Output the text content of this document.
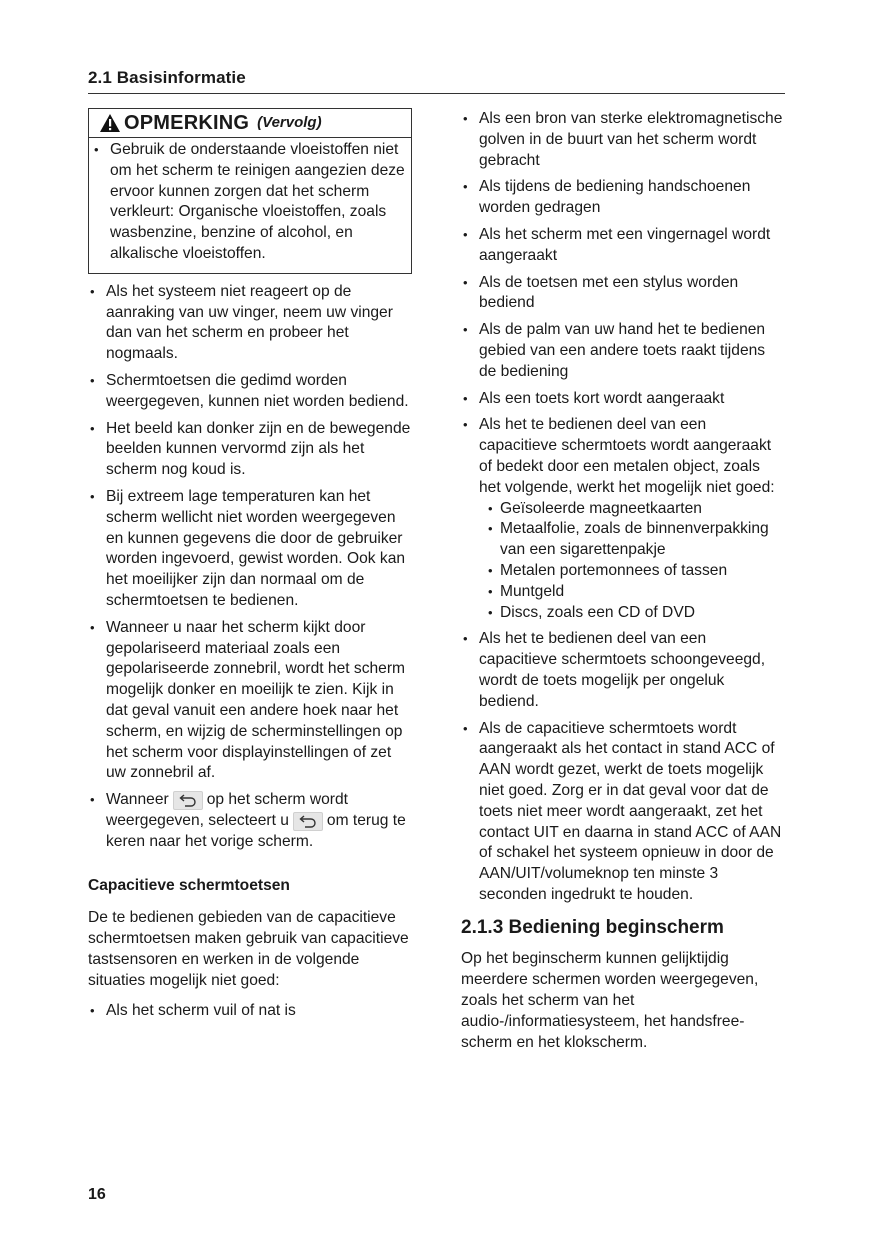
2.1 Basisinformatie
OPMERKING (Vervolg)
• Gebruik de onderstaande vloeistoffen niet om het scherm te reinigen aangezien deze ervoor kunnen zorgen dat het scherm verkleurt: Organische vloeistoffen, zoals wasbenzine, benzine of alcohol, en alkalische vloeistoffen.
• Als het systeem niet reageert op de aanraking van uw vinger, neem uw vinger dan van het scherm en probeer het nogmaals.
• Schermtoetsen die gedimd worden weergegeven, kunnen niet worden bediend.
• Het beeld kan donker zijn en de bewegende beelden kunnen vervormd zijn als het scherm nog koud is.
• Bij extreem lage temperaturen kan het scherm wellicht niet worden weergegeven en kunnen gegevens die door de gebruiker worden ingevoerd, gewist worden. Ook kan het moeilijker zijn dan normaal om de schermtoetsen te bedienen.
• Wanneer u naar het scherm kijkt door gepolariseerd materiaal zoals een gepolariseerde zonnebril, wordt het scherm mogelijk donker en moeilijk te zien. Kijk in dat geval vanuit een andere hoek naar het scherm, en wijzig de scherminstellingen op het scherm voor displayinstellingen of zet uw zonnebril af.
• Wanneer op het scherm wordt weergegeven, selecteert u om terug te keren naar het vorige scherm.
Capacitieve schermtoetsen

De te bedienen gebieden van de capacitieve schermtoetsen maken gebruik van capacitieve tastsensoren en werken in de volgende situaties mogelijk niet goed:

• Als het scherm vuil of nat is
• Als een bron van sterke elektromagnetische golven in de buurt van het scherm wordt gebracht
• Als tijdens de bediening handschoenen worden gedragen
• Als het scherm met een vingernagel wordt aangeraakt
• Als de toetsen met een stylus worden bediend
• Als de palm van uw hand het te bedienen gebied van een andere toets raakt tijdens de bediening
• Als een toets kort wordt aangeraakt
• Als het te bedienen deel van een capacitieve schermtoets wordt aangeraakt of bedekt door een metalen object, zoals het volgende, werkt het mogelijk niet goed:
• Geïsoleerde magneetkaarten
• Metaalfolie, zoals de binnenverpakking van een sigarettenpakje
• Metalen portemonnees of tassen
• Muntgeld
• Discs, zoals een CD of DVD
• Als het te bedienen deel van een capacitieve schermtoets schoongeveegd, wordt de toets mogelijk per ongeluk bediend.
• Als de capacitieve schermtoets wordt aangeraakt als het contact in stand ACC of AAN wordt gezet, werkt de toets mogelijk niet goed. Zorg er in dat geval voor dat de toets niet meer wordt aangeraakt, zet het contact UIT en daarna in stand ACC of AAN of schakel het systeem opnieuw in door de AAN/UIT/volumeknop ten minste 3 seconden ingedrukt te houden.
2.1.3 Bediening beginscherm

Op het beginscherm kunnen gelijktijdig meerdere schermen worden weergegeven, zoals het scherm van het audio-/informatiesysteem, het handsfree-scherm en het klokscherm.

16
